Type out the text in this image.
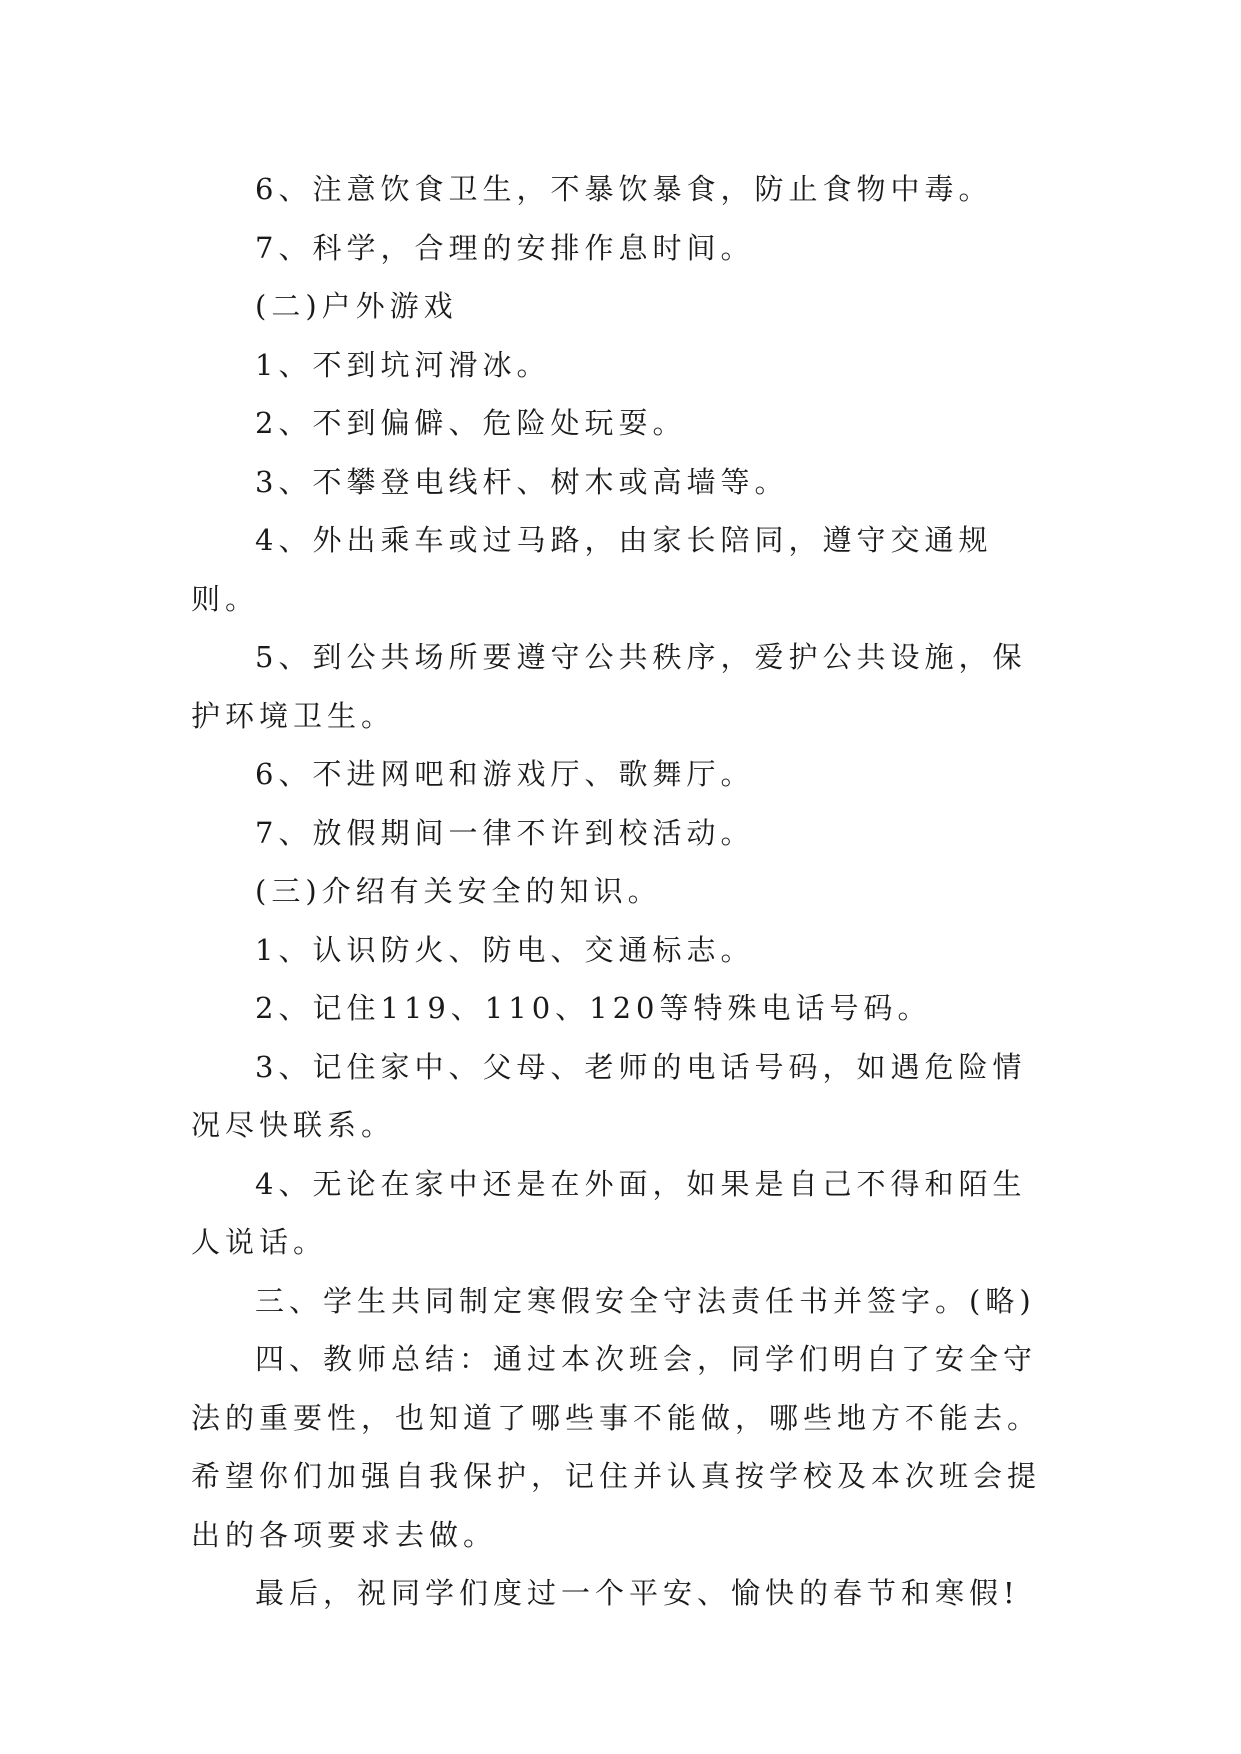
6、注意饮食卫生，不暴饮暴食，防止食物中毒。

7、科学，合理的安排作息时间。

(二)户外游戏

1、不到坑河滑冰。

2、不到偏僻、危险处玩耍。

3、不攀登电线杆、树木或高墙等。

4、外出乘车或过马路，由家长陪同，遵守交通规则。

5、到公共场所要遵守公共秩序，爱护公共设施，保护环境卫生。

6、不进网吧和游戏厅、歌舞厅。

7、放假期间一律不许到校活动。

(三)介绍有关安全的知识。

1、认识防火、防电、交通标志。

2、记住119、110、120等特殊电话号码。

3、记住家中、父母、老师的电话号码，如遇危险情况尽快联系。

4、无论在家中还是在外面，如果是自己不得和陌生人说话。

三、学生共同制定寒假安全守法责任书并签字。(略)

四、教师总结：通过本次班会，同学们明白了安全守法的重要性，也知道了哪些事不能做，哪些地方不能去。希望你们加强自我保护，记住并认真按学校及本次班会提出的各项要求去做。

最后，祝同学们度过一个平安、愉快的春节和寒假!
